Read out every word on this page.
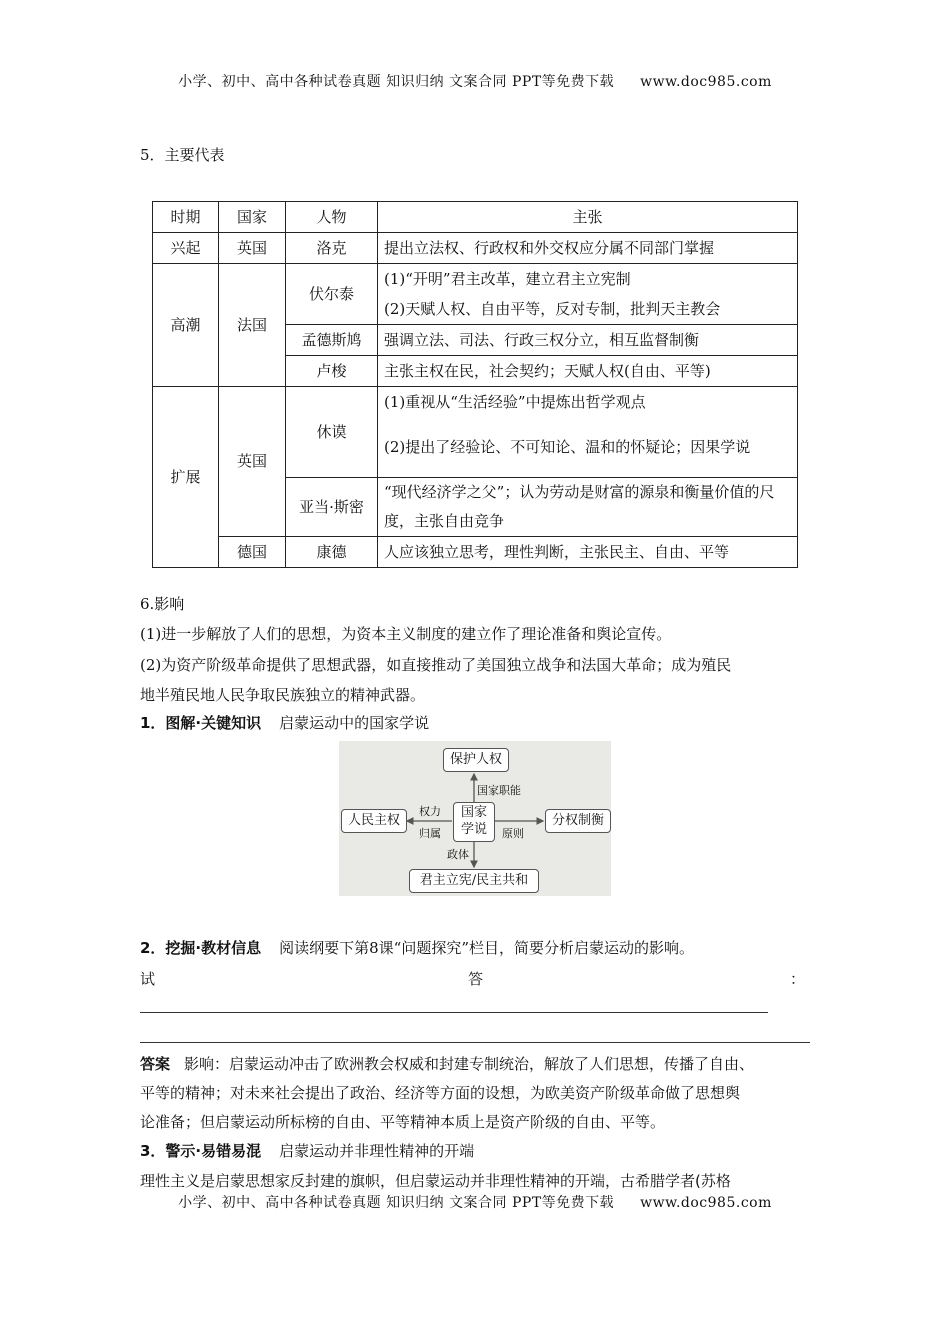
小学、初中、高中各种试卷真题 知识归纳 文案合同 PPT等免费下载 www.doc985.com
5．主要代表
时期	国家	人物	主张
兴起	英国	洛克	提出立法权、行政权和外交权应分属不同部门掌握
高潮	法国	伏尔泰	(1)“开明”君主改革，建立君主立宪制
			(2)天赋人权、自由平等，反对专制，批判天主教会
		孟德斯鸠	强调立法、司法、行政三权分立，相互监督制衡
		卢梭	主张主权在民，社会契约；天赋人权(自由、平等)
扩展	英国	休谟	(1)重视从“生活经验”中提炼出哲学观点
			(2)提出了经验论、不可知论、温和的怀疑论；因果学说

		亚当·斯密	“现代经济学之父”；认为劳动是财富的源泉和衡量价值的尺度，主张自由竞争

	德国	康德	人应该独立思考，理性判断，主张民主、自由、平等
6.影响
(1)进一步解放了人们的思想，为资本主义制度的建立作了理论准备和舆论宣传。
(2)为资产阶级革命提供了思想武器，如直接推动了美国独立战争和法国大革命；成为殖民
地半殖民地人民争取民族独立的精神武器。
1．图解·关键知识 启蒙运动中的国家学说
保护人权
人民主权	分权制衡
君主立宪/民主共和
国家
学说
国家职能
权力
归属	原则
政体
2．挖掘·教材信息 阅读纲要下第8课“问题探究”栏目，简要分析启蒙运动的影响。
试	答	：
答案 影响：启蒙运动冲击了欧洲教会权威和封建专制统治，解放了人们思想，传播了自由、
平等的精神；对未来社会提出了政治、经济等方面的设想，为欧美资产阶级革命做了思想舆
论准备；但启蒙运动所标榜的自由、平等精神本质上是资产阶级的自由、平等。
3．警示·易错易混 启蒙运动并非理性精神的开端
理性主义是启蒙思想家反封建的旗帜，但启蒙运动并非理性精神的开端，古希腊学者(苏格
小学、初中、高中各种试卷真题 知识归纳 文案合同 PPT等免费下载 www.doc985.com
